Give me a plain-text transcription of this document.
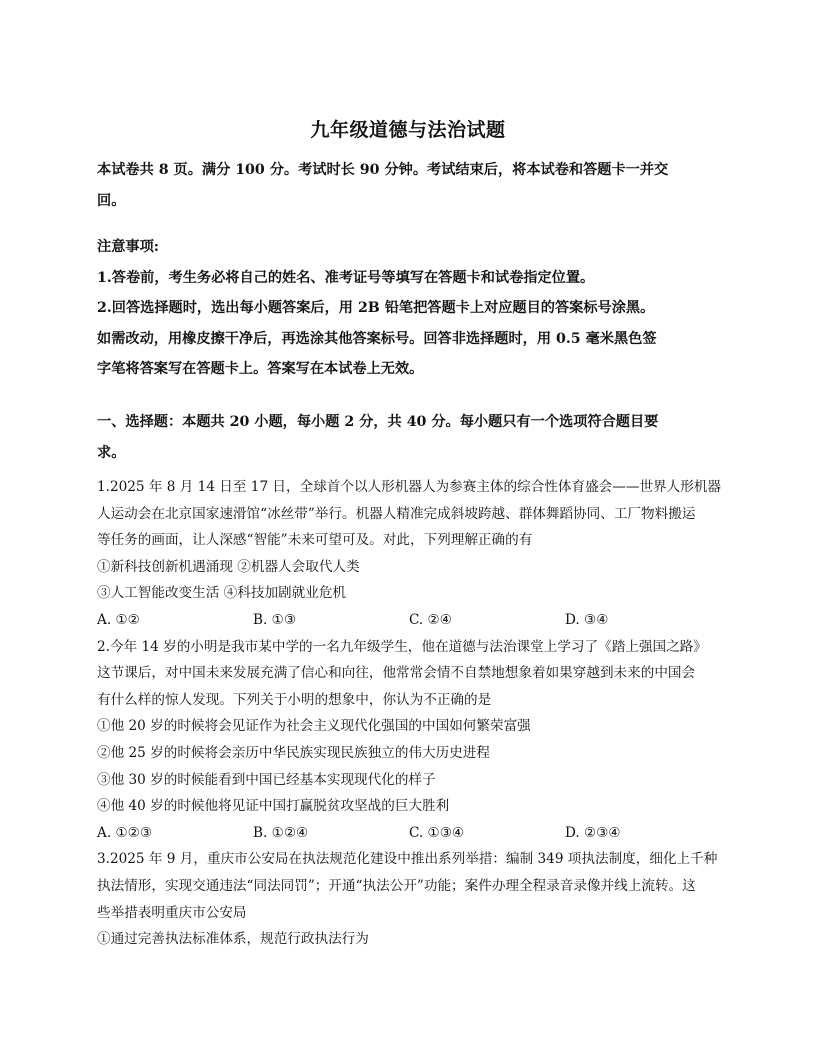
九年级道德与法治试题
本试卷共 8 页。满分 100 分。考试时长 90 分钟。考试结束后，将本试卷和答题卡一并交
回。
注意事项:
1.答卷前，考生务必将自己的姓名、准考证号等填写在答题卡和试卷指定位置。
2.回答选择题时，选出每小题答案后，用 2B 铅笔把答题卡上对应题目的答案标号涂黑。
如需改动，用橡皮擦干净后，再选涂其他答案标号。回答非选择题时，用 0.5 毫米黑色签
字笔将答案写在答题卡上。答案写在本试卷上无效。
一、选择题：本题共 20 小题，每小题 2 分，共 40 分。每小题只有一个选项符合题目要
求。
1.2025 年 8 月 14 日至 17 日，全球首个以人形机器人为参赛主体的综合性体育盛会——世界人形机器
人运动会在北京国家速滑馆“冰丝带”举行。机器人精准完成斜坡跨越、群体舞蹈协同、工厂物料搬运
等任务的画面，让人深感“智能”未来可望可及。对此，下列理解正确的有
①新科技创新机遇涌现 ②机器人会取代人类
③人工智能改变生活 ④科技加剧就业危机
A. ①②	B. ①③	C. ②④	D. ③④
2.今年 14 岁的小明是我市某中学的一名九年级学生，他在道德与法治课堂上学习了《踏上强国之路》
这节课后，对中国未来发展充满了信心和向往，他常常会情不自禁地想象着如果穿越到未来的中国会
有什么样的惊人发现。下列关于小明的想象中，你认为不正确的是
①他 20 岁的时候将会见证作为社会主义现代化强国的中国如何繁荣富强
②他 25 岁的时候将会亲历中华民族实现民族独立的伟大历史进程
③他 30 岁的时候能看到中国已经基本实现现代化的样子
④他 40 岁的时候他将见证中国打赢脱贫攻坚战的巨大胜利
A. ①②③	B. ①②④	C. ①③④	D. ②③④
3.2025 年 9 月，重庆市公安局在执法规范化建设中推出系列举措：编制 349 项执法制度，细化上千种
执法情形，实现交通违法“同法同罚”；开通“执法公开”功能；案件办理全程录音录像并线上流转。这
些举措表明重庆市公安局
①通过完善执法标准体系，规范行政执法行为
